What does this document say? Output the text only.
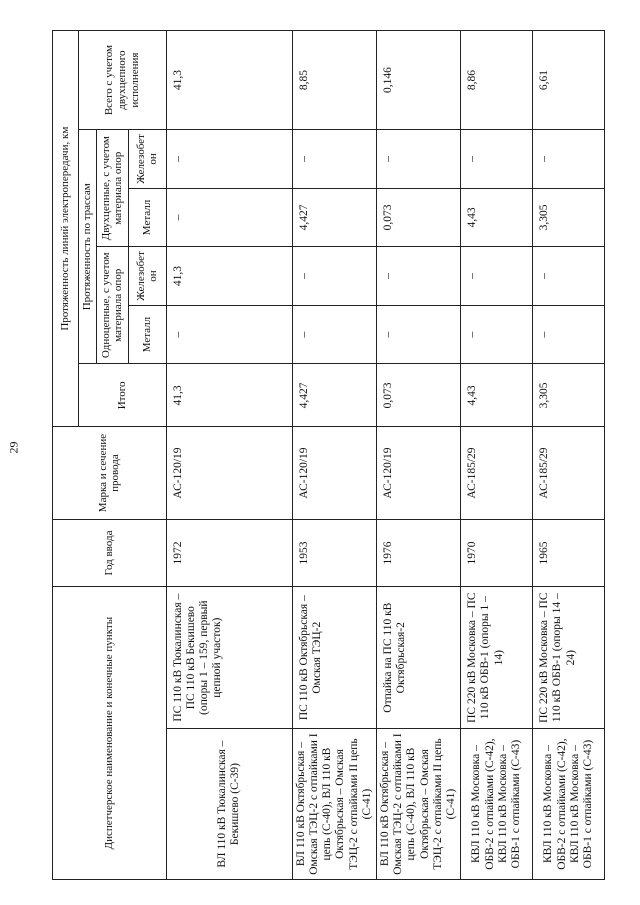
29
Диспетчерское наименование и конечные пункты		Год ввода	Марка и сечение провода	Протяженность линий электропередачи, км					
				Итого	Протяженность по трассам				Всего с учетом двухцепного исполнения
					Одноцепные, с учетом материала опор		Двухцепные, с учетом материала опор		
					Металл	Железобетон	Металл	Железобетон	
ВЛ 110 кВ Тюкалинская – Бекишево (С-39)	ПС 110 кВ Тюкалинская – ПС 110 кВ Бекишево (опоры 1 – 159, первый цепной участок)	1972	АС-120/19	41,3	–	41,3	–	–	41,3
ВЛ 110 кВ Октябрьская – Омская ТЭЦ-2 с отпайками I цепь (С-40), ВЛ 110 кВ Октябрьская – Омская ТЭЦ-2 с отпайками II цепь (С-41)	ПС 110 кВ Октябрьская – Омская ТЭЦ-2	1953	АС-120/19	4,427	–	–	4,427	–	8,85
ВЛ 110 кВ Октябрьская – Омская ТЭЦ-2 с отпайками I цепь (С-40), ВЛ 110 кВ Октябрьская – Омская ТЭЦ-2 с отпайками II цепь (С-41)	Отпайка на ПС 110 кВ Октябрьская-2	1976	АС-120/19	0,073	–	–	0,073	–	0,146
КВЛ 110 кВ Московка – ОБВ-2 с отпайками (С-42), КВЛ 110 кВ Московка – ОБВ-1 с отпайками (С-43)	ПС 220 кВ Московка – ПС 110 кВ ОБВ-1 (опоры 1 – 14)	1970	АС-185/29	4,43	–	–	4,43	–	8,86
КВЛ 110 кВ Московка – ОБВ-2 с отпайками (С-42), КВЛ 110 кВ Московка – ОБВ-1 с отпайками (С-43)	ПС 220 кВ Московка – ПС 110 кВ ОБВ-1 (опоры 14 – 24)	1965	АС-185/29	3,305	–	–	3,305	–	6,61
